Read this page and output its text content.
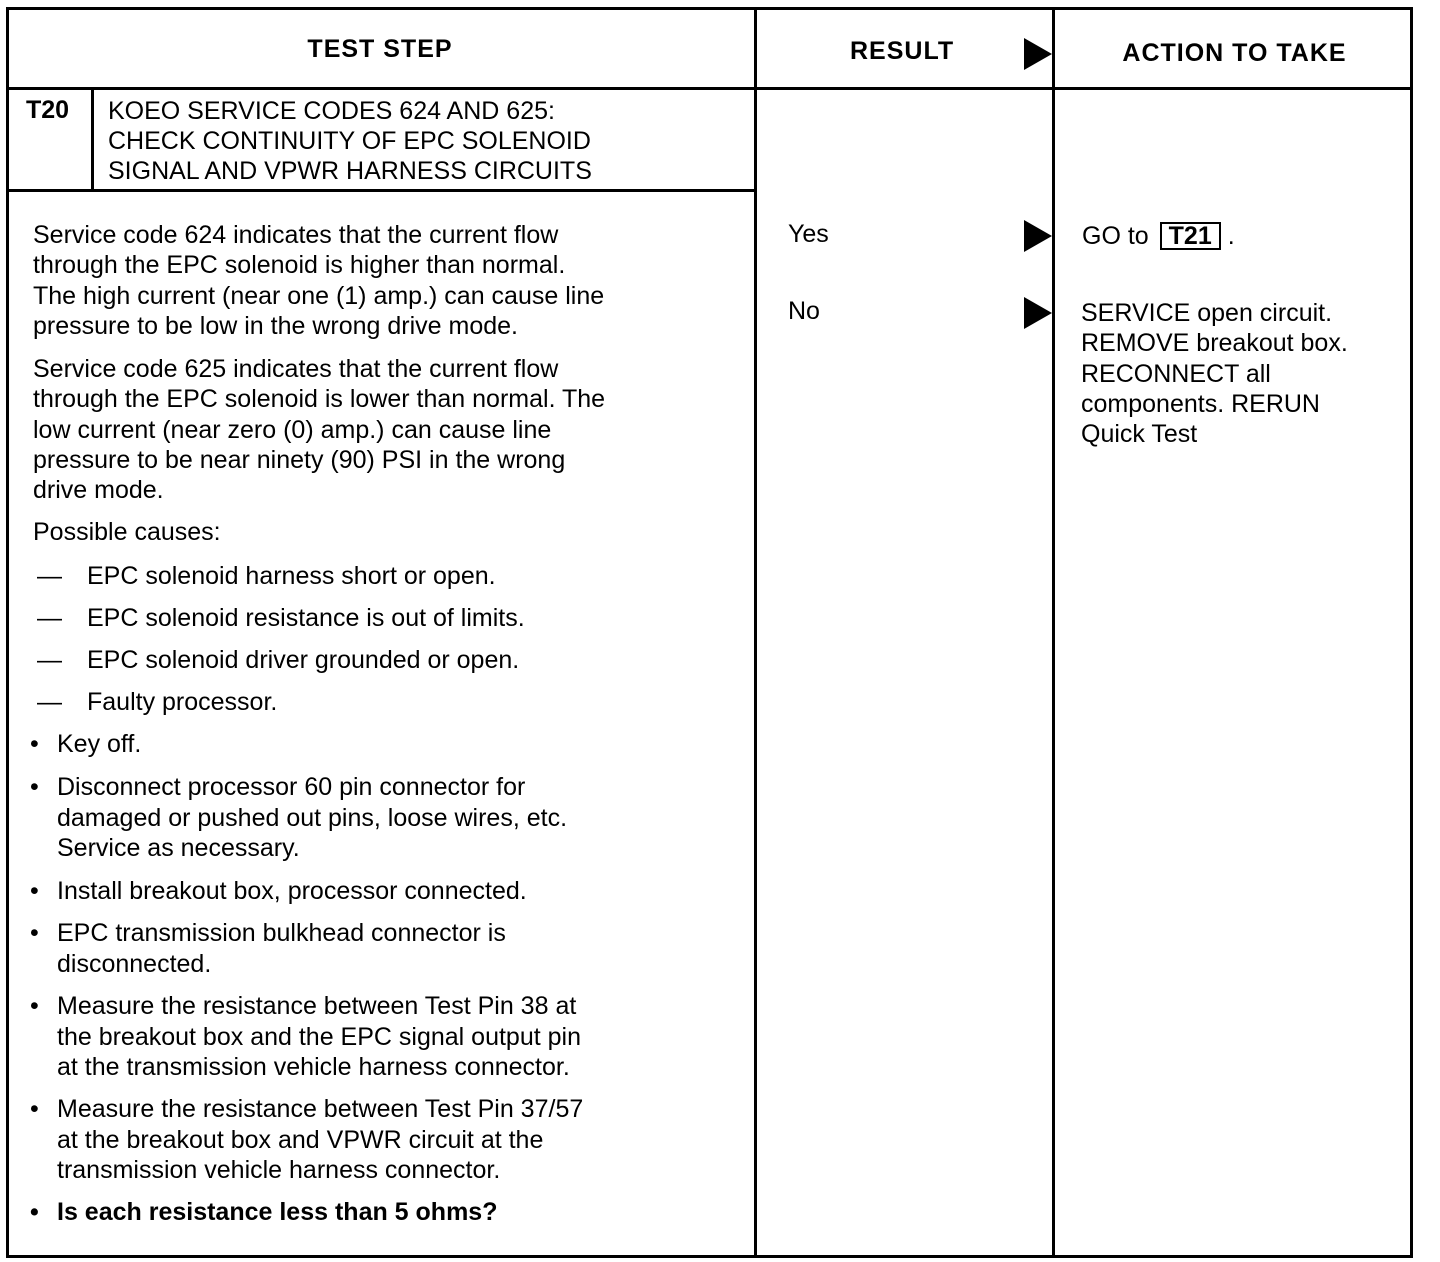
TEST STEP	RESULT	ACTION TO TAKE
T20 KOEO SERVICE CODES 624 AND 625:
CHECK CONTINUITY OF EPC SOLENOID
SIGNAL AND VPWR HARNESS CIRCUITS
Service code 624 indicates that the current flow
through the EPC solenoid is higher than normal.
The high current (near one (1) amp.) can cause line
pressure to be low in the wrong drive mode.
Service code 625 indicates that the current flow
through the EPC solenoid is lower than normal. The
low current (near zero (0) amp.) can cause line
pressure to be near ninety (90) PSI in the wrong
drive mode.
Possible causes:
— EPC solenoid harness short or open.
— EPC solenoid resistance is out of limits.
— EPC solenoid driver grounded or open.
— Faulty processor.
• Key off.
• Disconnect processor 60 pin connector for
damaged or pushed out pins, loose wires, etc.
Service as necessary.
• Install breakout box, processor connected.
• EPC transmission bulkhead connector is
disconnected.
• Measure the resistance between Test Pin 38 at
the breakout box and the EPC signal output pin
at the transmission vehicle harness connector.
• Measure the resistance between Test Pin 37/57
at the breakout box and VPWR circuit at the
transmission vehicle harness connector.
• Is each resistance less than 5 ohms?
Yes
No
GO to T21 .
SERVICE open circuit.
REMOVE breakout box.
RECONNECT all
components. RERUN
Quick Test
